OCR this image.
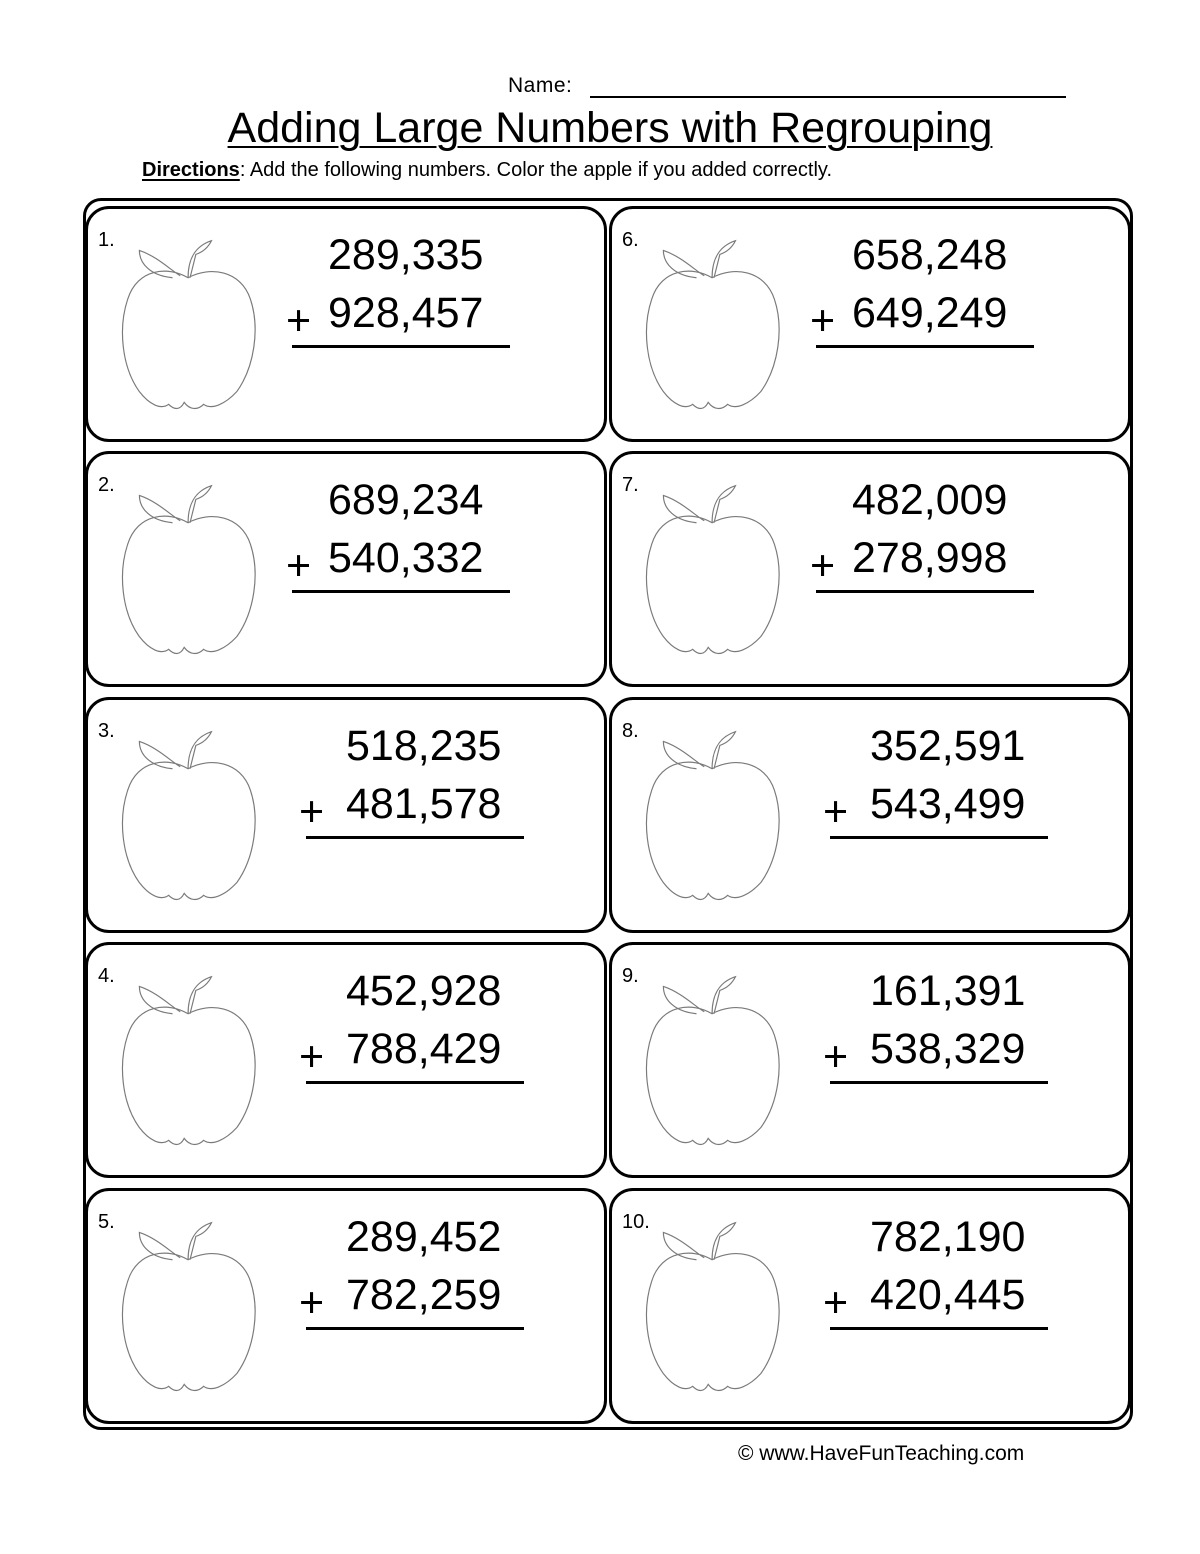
Name:
Adding Large Numbers with Regrouping
Directions: Add the following numbers. Color the apple if you added correctly.
1.	289,335
+ 928,457
2.	689,234
+ 540,332
3.	518,235
+ 481,578
4.	452,928
+ 788,429
5.	289,452
+ 782,259
6.	658,248
+ 649,249
7.	482,009
+ 278,998
8.	352,591
+ 543,499
9.	161,391
+ 538,329
10.	782,190
+ 420,445
© www.HaveFunTeaching.com
